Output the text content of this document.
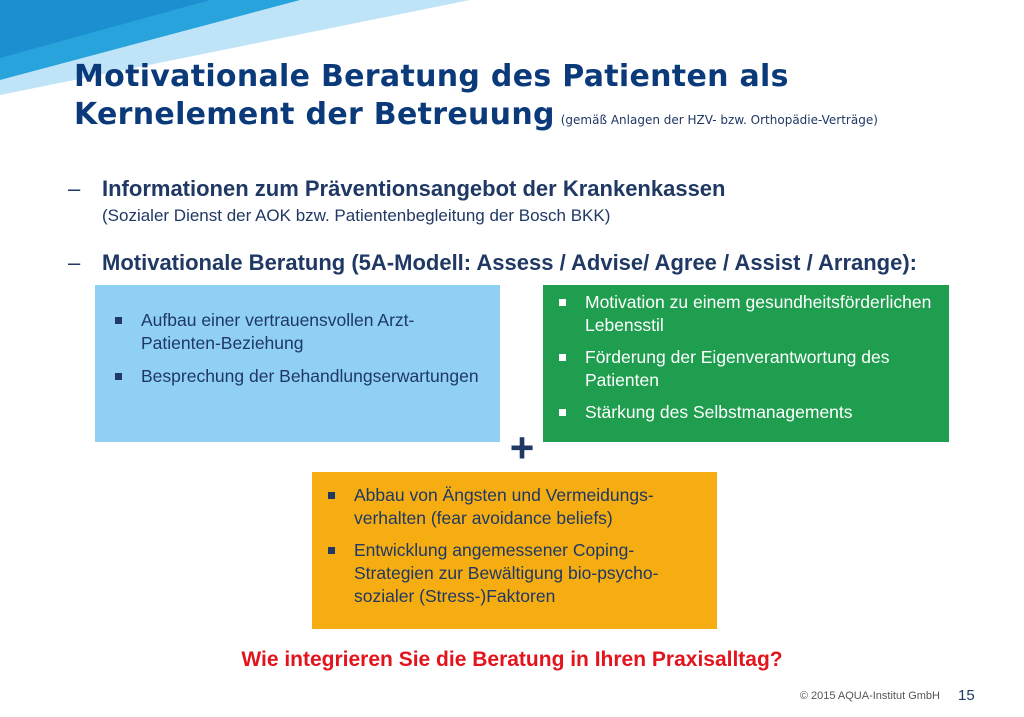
Motivationale Beratung des Patienten als
Kernelement der Betreuung (gemäß Anlagen der HZV- bzw. Orthopädie-Verträge)
– Informationen zum Präventionsangebot der Krankenkassen
(Sozialer Dienst der AOK bzw. Patientenbegleitung der Bosch BKK)
– Motivationale Beratung (5A-Modell: Assess / Advise/ Agree / Assist / Arrange):
Aufbau einer vertrauensvollen Arzt-Patienten-Beziehung
Besprechung der Behandlungserwartungen
Motivation zu einem gesundheitsförderlichen Lebensstil
Förderung der Eigenverantwortung des Patienten
Stärkung des Selbstmanagements
+
Abbau von Ängsten und Vermeidungs-verhalten (fear avoidance beliefs)
Entwicklung angemessener Coping-Strategien zur Bewältigung bio-psycho-sozialer (Stress-)Faktoren
Wie integrieren Sie die Beratung in Ihren Praxisalltag?
© 2015 AQUA-Institut GmbH 15
